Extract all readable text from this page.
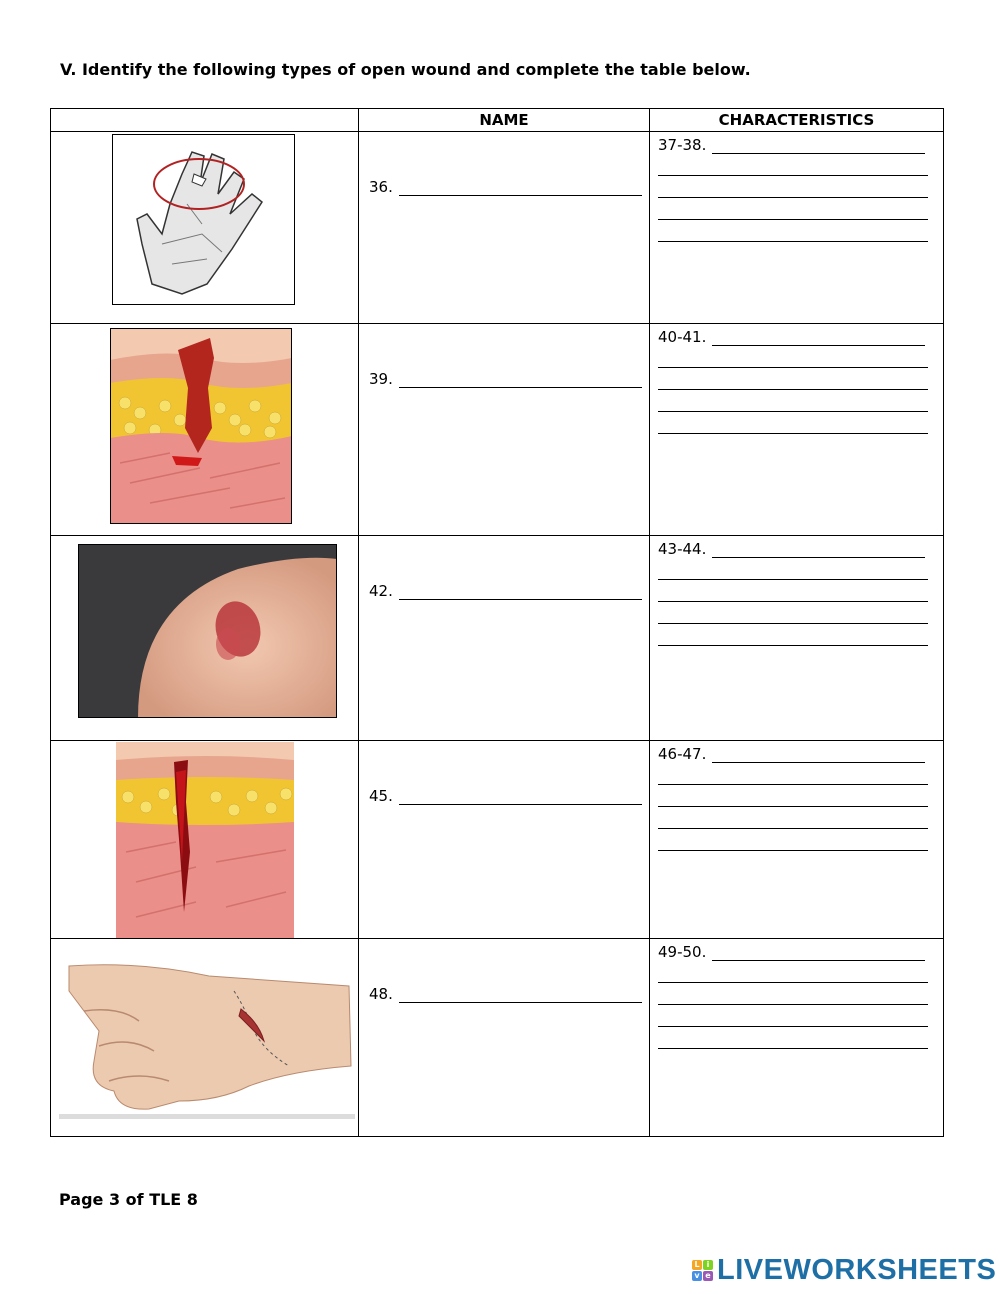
V. Identify the following types of open wound and complete the table below.
	NAME	CHARACTERISTICS

36.	37-38.

39.	40-41.

42.	43-44.

45.	46-47.

48.	49-50.
Page 3 of TLE 8
L i
v e LIVEWORKSHEETS
